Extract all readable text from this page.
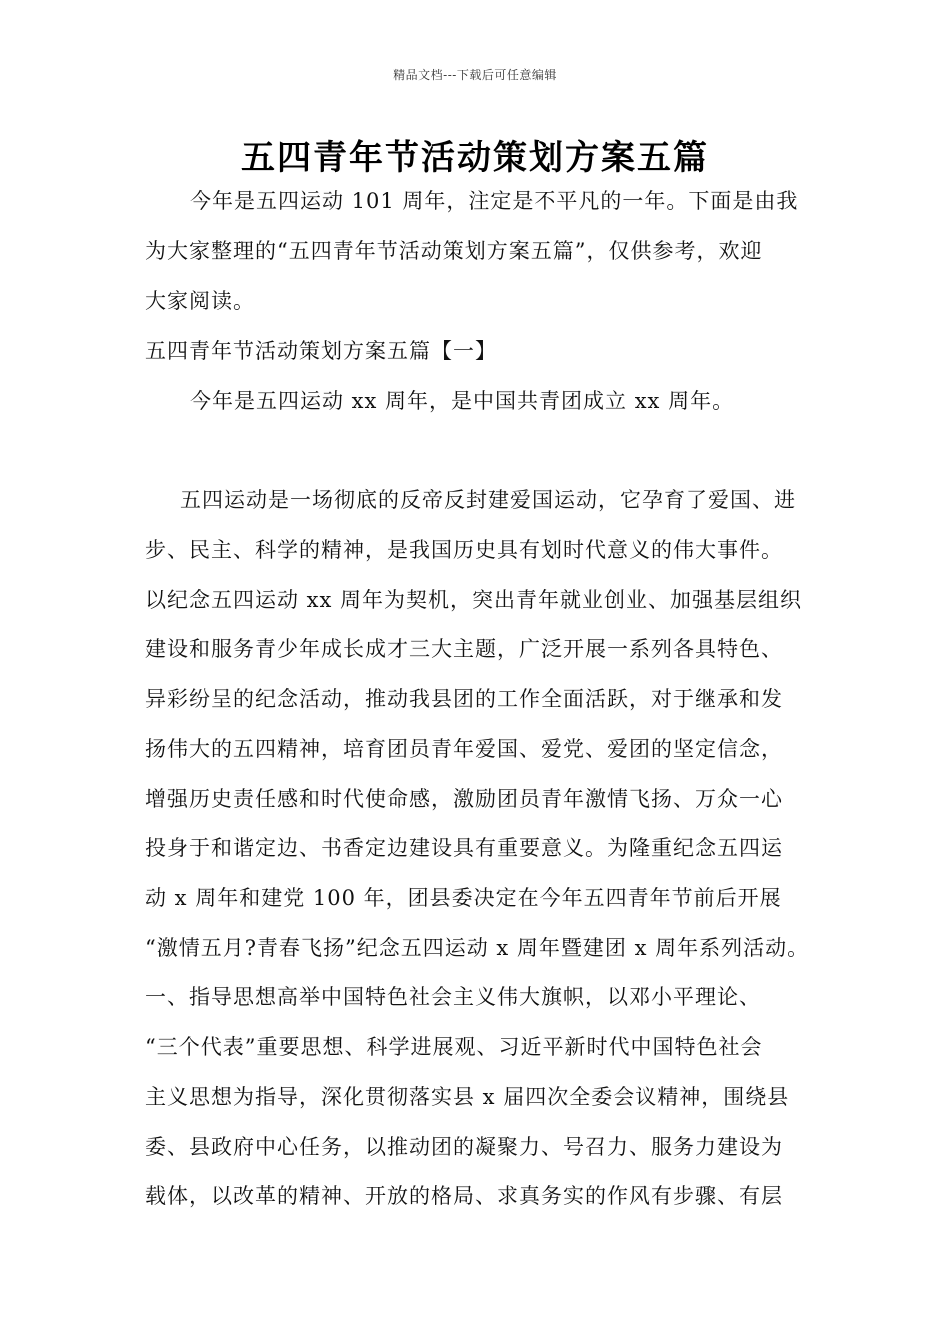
精品文档---下载后可任意编辑
五四青年节活动策划方案五篇
今年是五四运动 101 周年，注定是不平凡的一年。下面是由我
为大家整理的“五四青年节活动策划方案五篇”，仅供参考，欢迎
大家阅读。
五四青年节活动策划方案五篇【一】
今年是五四运动 xx 周年，是中国共青团成立 xx 周年。
五四运动是一场彻底的反帝反封建爱国运动，它孕育了爱国、进
步、民主、科学的精神，是我国历史具有划时代意义的伟大事件。
以纪念五四运动 xx 周年为契机，突出青年就业创业、加强基层组织
建设和服务青少年成长成才三大主题，广泛开展一系列各具特色、
异彩纷呈的纪念活动，推动我县团的工作全面活跃，对于继承和发
扬伟大的五四精神，培育团员青年爱国、爱党、爱团的坚定信念，
增强历史责任感和时代使命感，激励团员青年激情飞扬、万众一心
投身于和谐定边、书香定边建设具有重要意义。为隆重纪念五四运
动 x 周年和建党 100 年，团县委决定在今年五四青年节前后开展
“激情五月?青春飞扬”纪念五四运动 x 周年暨建团 x 周年系列活动。
一、指导思想高举中国特色社会主义伟大旗帜，以邓小平理论、
“三个代表”重要思想、科学进展观、习近平新时代中国特色社会
主义思想为指导，深化贯彻落实县 x 届四次全委会议精神，围绕县
委、县政府中心任务，以推动团的凝聚力、号召力、服务力建设为
载体，以改革的精神、开放的格局、求真务实的作风有步骤、有层
